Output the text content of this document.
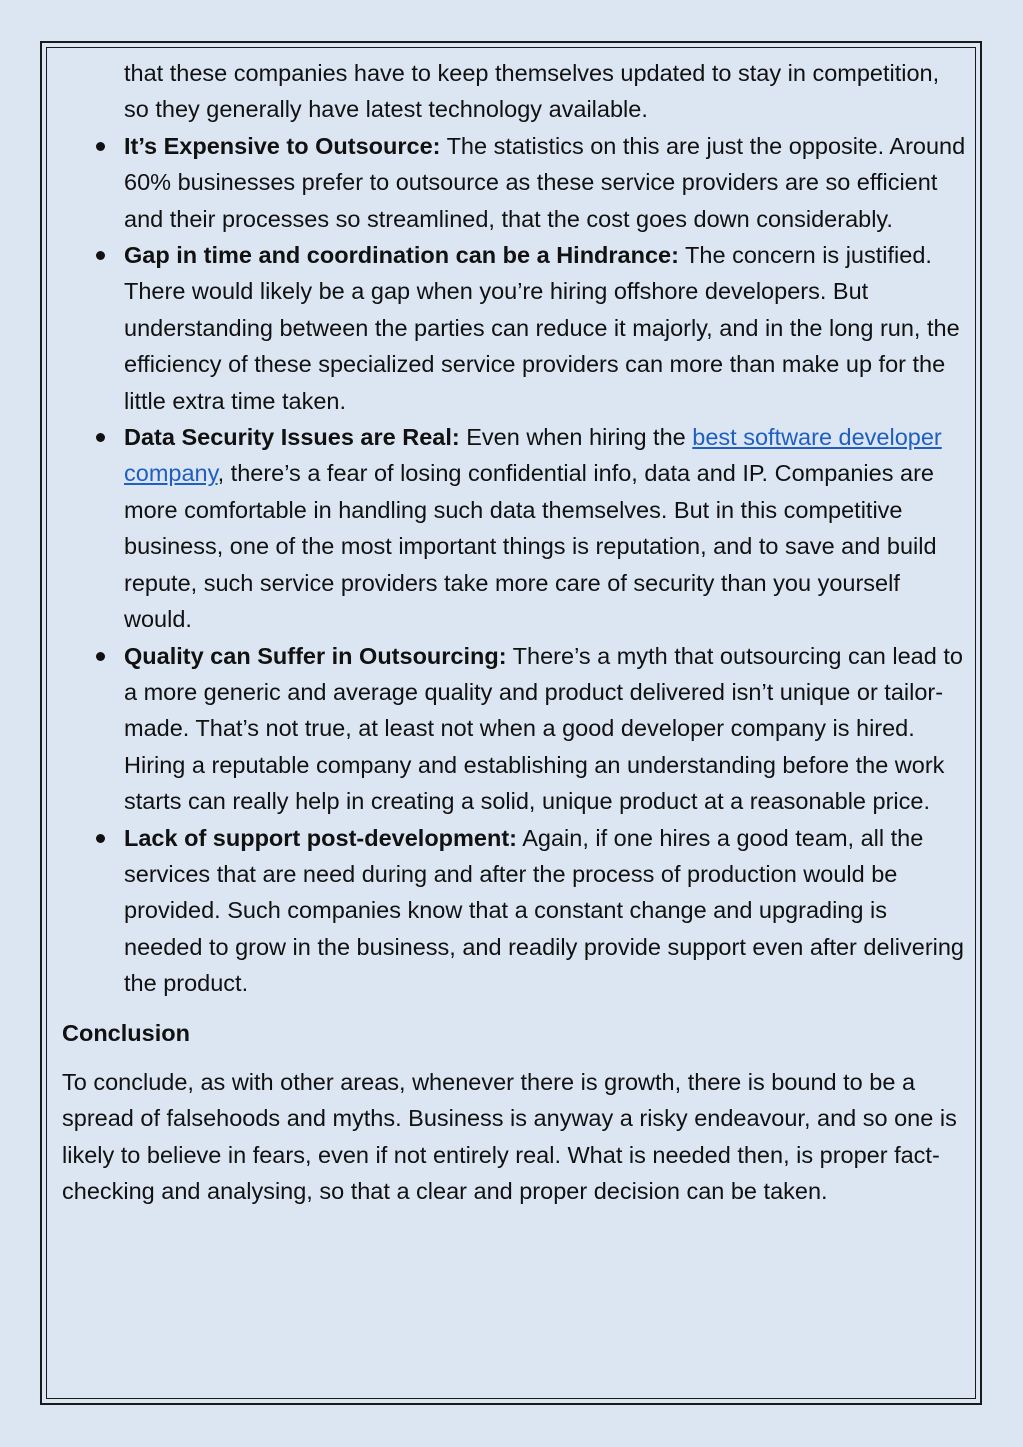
that these companies have to keep themselves updated to stay in competition, so they generally have latest technology available.

It’s Expensive to Outsource: The statistics on this are just the opposite. Around 60% businesses prefer to outsource as these service providers are so efficient and their processes so streamlined, that the cost goes down considerably.
Gap in time and coordination can be a Hindrance: The concern is justified. There would likely be a gap when you’re hiring offshore developers. But understanding between the parties can reduce it majorly, and in the long run, the efficiency of these specialized service providers can more than make up for the little extra time taken.
Data Security Issues are Real: Even when hiring the best software developer company, there’s a fear of losing confidential info, data and IP. Companies are more comfortable in handling such data themselves. But in this competitive business, one of the most important things is reputation, and to save and build repute, such service providers take more care of security than you yourself would.
Quality can Suffer in Outsourcing: There’s a myth that outsourcing can lead to a more generic and average quality and product delivered isn’t unique or tailor-made. That’s not true, at least not when a good developer company is hired. Hiring a reputable company and establishing an understanding before the work starts can really help in creating a solid, unique product at a reasonable price.
Lack of support post-development: Again, if one hires a good team, all the services that are need during and after the process of production would be provided. Such companies know that a constant change and upgrading is needed to grow in the business, and readily provide support even after delivering the product.
Conclusion

To conclude, as with other areas, whenever there is growth, there is bound to be a spread of falsehoods and myths. Business is anyway a risky endeavour, and so one is likely to believe in fears, even if not entirely real. What is needed then, is proper fact-checking and analysing, so that a clear and proper decision can be taken.
